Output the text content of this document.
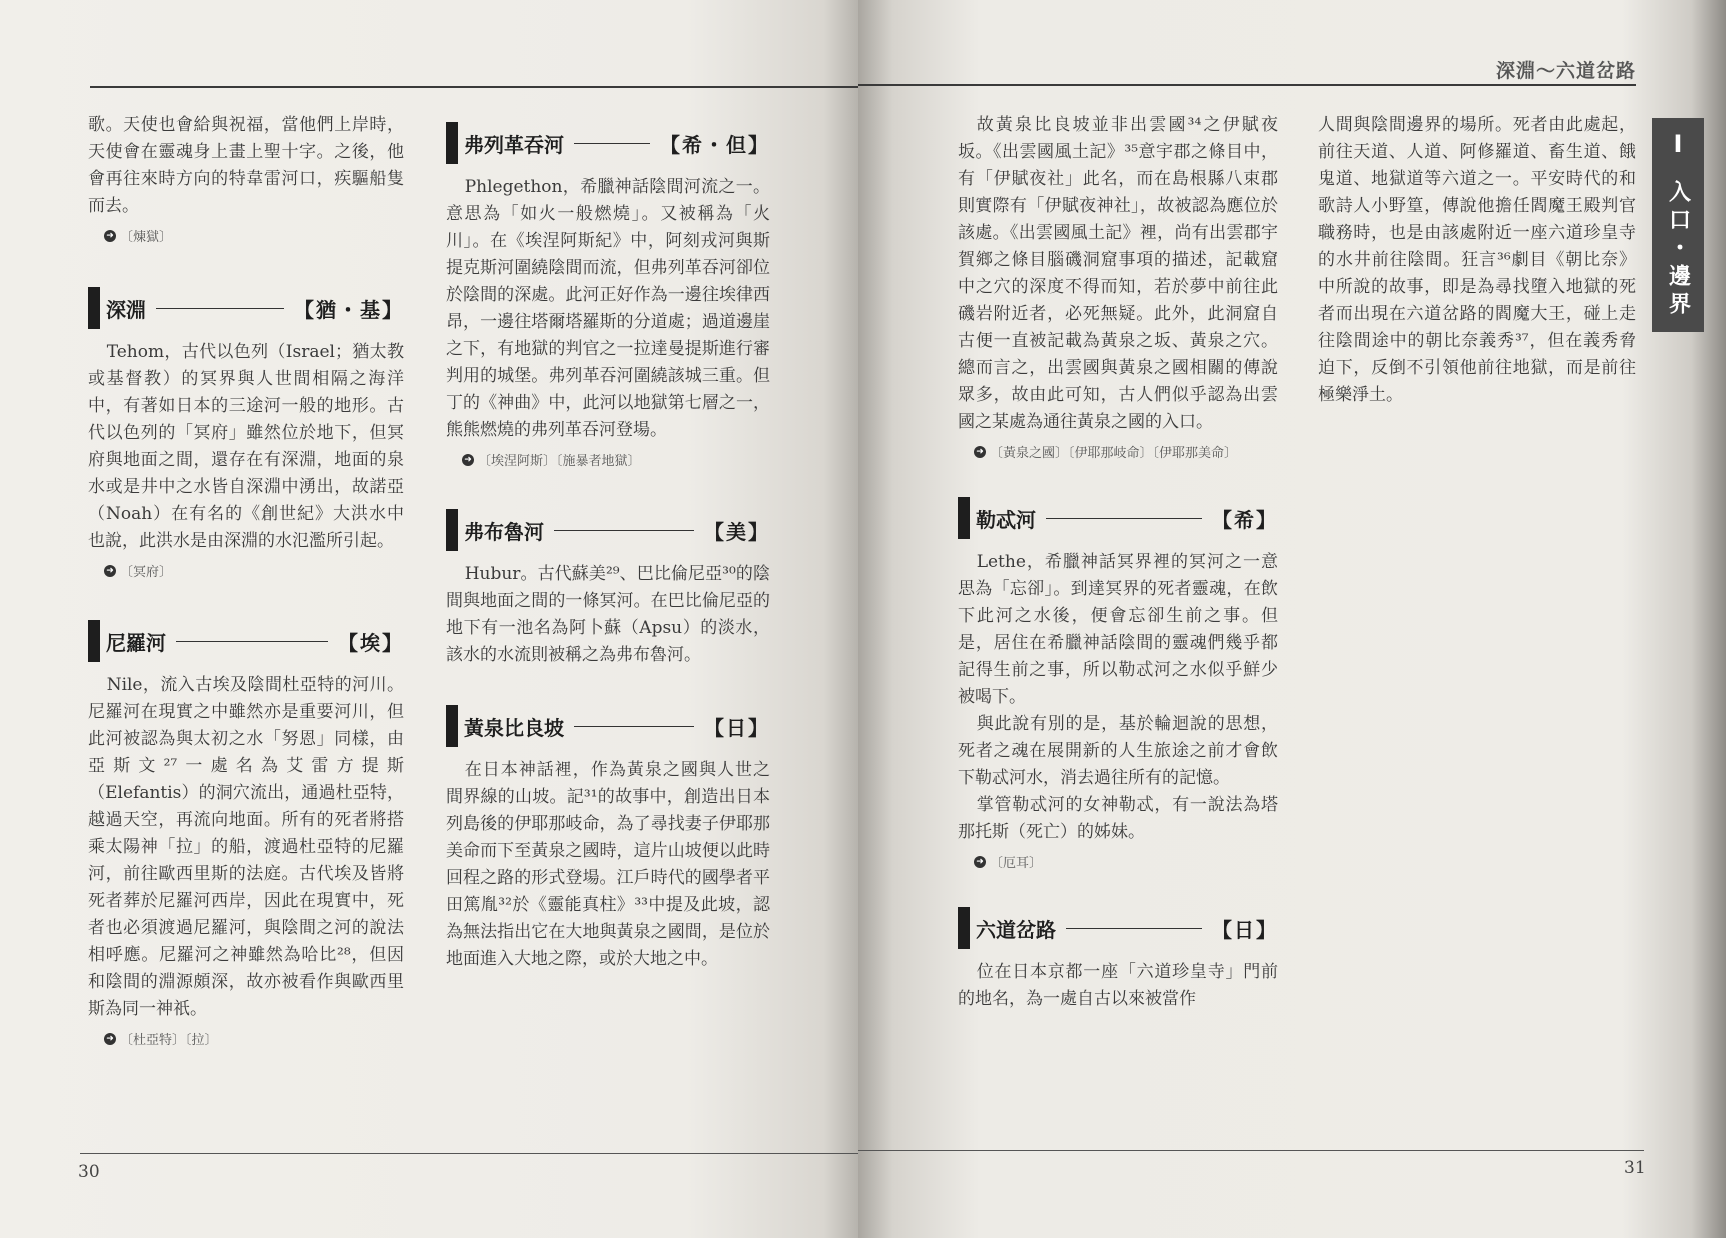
歌。天使也會給與祝福，當他們上岸時，天使會在靈魂身上畫上聖十字。之後，他會再往來時方向的特韋雷河口，疾驅船隻而去。

➜ 〔煉獄〕
深淵	【猶・基】

Tehom，古代以色列（Israel；猶太教或基督教）的冥界與人世間相隔之海洋中，有著如日本的三途河一般的地形。古代以色列的「冥府」雖然位於地下，但冥府與地面之間，還存在有深淵，地面的泉水或是井中之水皆自深淵中湧出，故諾亞（Noah）在有名的《創世紀》大洪水中也說，此洪水是由深淵的水氾濫所引起。

➜ 〔冥府〕
尼羅河	【埃】

Nile，流入古埃及陰間杜亞特的河川。尼羅河在現實之中雖然亦是重要河川，但此河被認為與太初之水「努恩」同樣，由亞斯文²⁷一處名為艾雷方提斯（Elefantis）的洞穴流出，通過杜亞特，越過天空，再流向地面。所有的死者將搭乘太陽神「拉」的船，渡過杜亞特的尼羅河，前往歐西里斯的法庭。古代埃及皆將死者葬於尼羅河西岸，因此在現實中，死者也必須渡過尼羅河，與陰間之河的說法相呼應。尼羅河之神雖然為哈比²⁸，但因和陰間的淵源頗深，故亦被看作與歐西里斯為同一神祇。

➜ 〔杜亞特〕〔拉〕
弗列革吞河	【希・但】

Phlegethon，希臘神話陰間河流之一。意思為「如火一般燃燒」。又被稱為「火川」。在《埃涅阿斯紀》中，阿刻戎河與斯提克斯河圍繞陰間而流，但弗列革吞河卻位於陰間的深處。此河正好作為一邊往埃律西昂，一邊往塔爾塔羅斯的分道處；過道邊崖之下，有地獄的判官之一拉達曼提斯進行審判用的城堡。弗列革吞河圍繞該城三重。但丁的《神曲》中，此河以地獄第七層之一，熊熊燃燒的弗列革吞河登場。

➜ 〔埃涅阿斯〕〔施暴者地獄〕
弗布魯河	【美】

Hubur。古代蘇美²⁹、巴比倫尼亞³⁰的陰間與地面之間的一條冥河。在巴比倫尼亞的地下有一池名為阿卜蘇（Apsu）的淡水，該水的水流則被稱之為弗布魯河。

黃泉比良坡	【日】

在日本神話裡，作為黃泉之國與人世之間界線的山坡。記³¹的故事中，創造出日本列島後的伊耶那岐命，為了尋找妻子伊耶那美命而下至黃泉之國時，這片山坡便以此時回程之路的形式登場。江戶時代的國學者平田篤胤³²於《靈能真柱》³³中提及此坡，認為無法指出它在大地與黃泉之國間，是位於地面進入大地之際，或於大地之中。

30
深淵～六道岔路
I
入口・邊界

故黃泉比良坡並非出雲國³⁴之伊賦夜坂。《出雲國風土記》³⁵意宇郡之條目中，有「伊賦夜社」此名，而在島根縣八束郡則實際有「伊賦夜神社」，故被認為應位於該處。《出雲國風土記》裡，尚有出雲郡宇賀鄉之條目腦磯洞窟事項的描述，記載窟中之穴的深度不得而知，若於夢中前往此磯岩附近者，必死無疑。此外，此洞窟自古便一直被記載為黃泉之坂、黃泉之穴。總而言之，出雲國與黃泉之國相關的傳說眾多，故由此可知，古人們似乎認為出雲國之某處為通往黃泉之國的入口。

➜ 〔黃泉之國〕〔伊耶那岐命〕〔伊耶那美命〕
勒忒河	【希】

Lethe，希臘神話冥界裡的冥河之一意思為「忘卻」。到達冥界的死者靈魂，在飲下此河之水後，便會忘卻生前之事。但是，居住在希臘神話陰間的靈魂們幾乎都記得生前之事，所以勒忒河之水似乎鮮少被喝下。

與此說有別的是，基於輪迴說的思想，死者之魂在展開新的人生旅途之前才會飲下勒忒河水，消去過往所有的記憶。

掌管勒忒河的女神勒忒，有一說法為塔那托斯（死亡）的姊妹。

➜ 〔厄耳〕
六道岔路	【日】

位在日本京都一座「六道珍皇寺」門前的地名，為一處自古以來被當作

人間與陰間邊界的場所。死者由此處起，前往天道、人道、阿修羅道、畜生道、餓鬼道、地獄道等六道之一。平安時代的和歌詩人小野篁，傳說他擔任閻魔王殿判官職務時，也是由該處附近一座六道珍皇寺的水井前往陰間。狂言³⁶劇目《朝比奈》中所說的故事，即是為尋找墮入地獄的死者而出現在六道岔路的閻魔大王，碰上走往陰間途中的朝比奈義秀³⁷，但在義秀脅迫下，反倒不引領他前往地獄，而是前往極樂淨土。

31
